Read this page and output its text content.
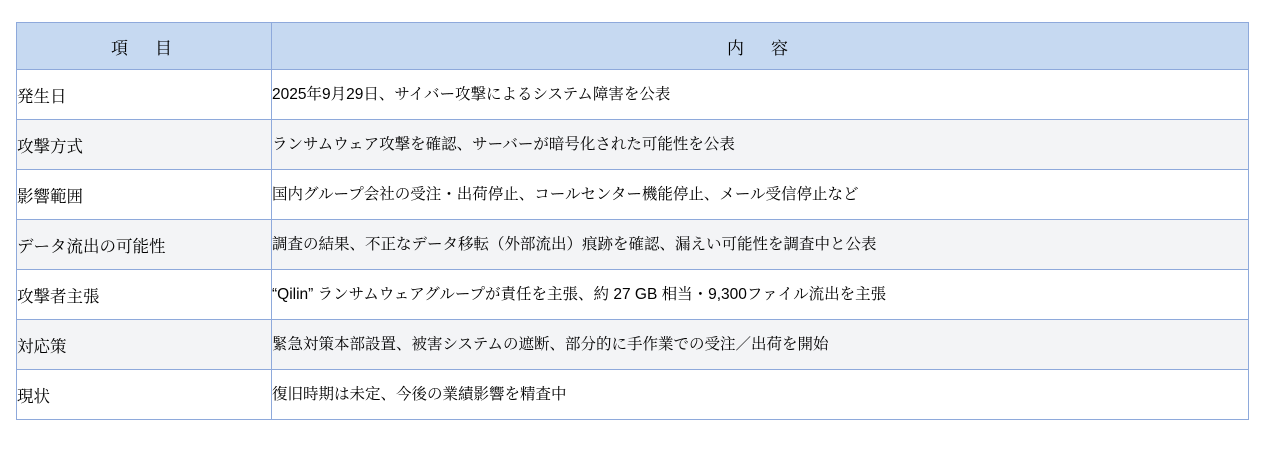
項　目	内　容
発生日	2025年9月29日、サイバー攻撃によるシステム障害を公表
攻撃方式	ランサムウェア攻撃を確認、サーバーが暗号化された可能性を公表
影響範囲	国内グループ会社の受注・出荷停止、コールセンター機能停止、メール受信停止など
データ流出の可能性	調査の結果、不正なデータ移転（外部流出）痕跡を確認、漏えい可能性を調査中と公表
攻撃者主張	“Qilin” ランサムウェアグループが責任を主張、約 27 GB 相当・9,300ファイル流出を主張
対応策	緊急対策本部設置、被害システムの遮断、部分的に手作業での受注／出荷を開始
現状	復旧時期は未定、今後の業績影響を精査中
